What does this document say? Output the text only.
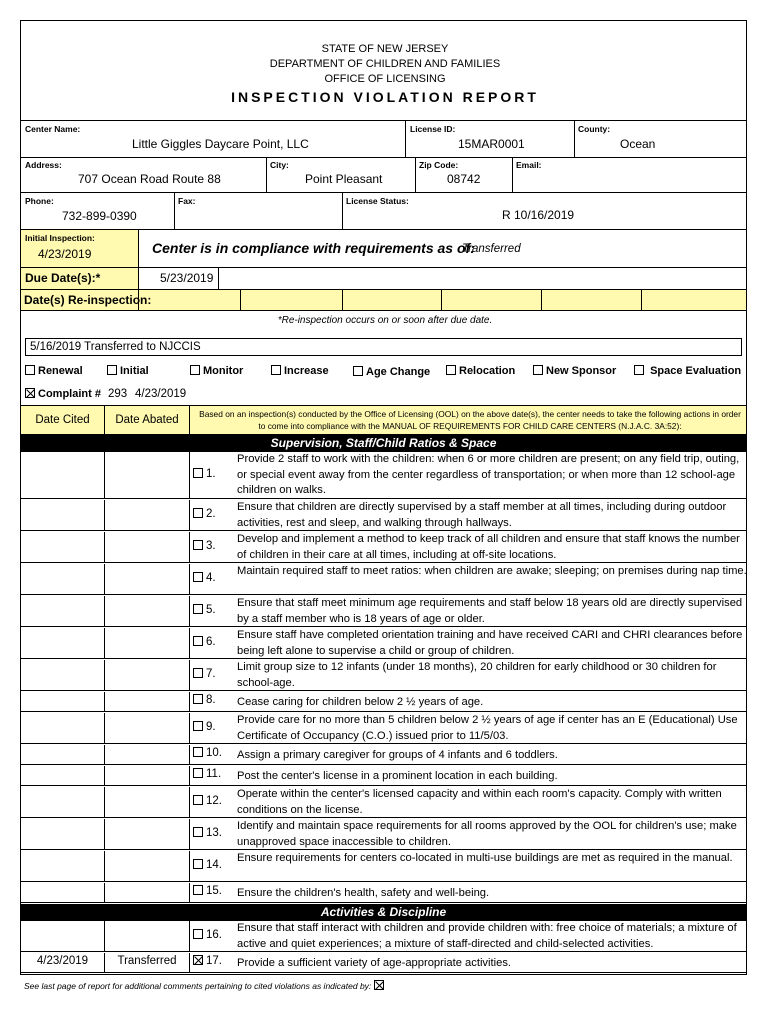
STATE OF NEW JERSEY
DEPARTMENT OF CHILDREN AND FAMILIES
OFFICE OF LICENSING
INSPECTION VIOLATION REPORT
Center Name:
Little Giggles Daycare Point, LLC
License ID:
15MAR0001
County:
Ocean
Address:
707 Ocean Road Route 88
City:
Point Pleasant
Zip Code:
08742
Email:
Phone:
732-899-0390
Fax:	License Status:
R 10/16/2019
Initial Inspection:
4/23/2019	Center is in compliance with requirements as of:
Transferred
Due Date(s):*	5/23/2019
Date(s) Re-inspection:
*Re-inspection occurs on or soon after due date.
5/16/2019 Transferred to NJCCIS
Renewal	Initial	Monitor	Increase	Age Change	Relocation	New Sponsor	Space Evaluation
Complaint # 293 4/23/2019
Date Cited	Date Abated	Based on an inspection(s) conducted by the Office of Licensing (OOL) on the above date(s), the center needs to take the following actions in order to come into compliance with the MANUAL OF REQUIREMENTS FOR CHILD CARE CENTERS (N.J.A.C. 3A:52):
Supervision, Staff/Child Ratios & Space
1.
Provide 2 staff to work with the children: when 6 or more children are present; on any field trip, outing, or special event away from the center regardless of transportation; or when more than 12 school-age children on walks.
2.
Ensure that children are directly supervised by a staff member at all times, including during outdoor activities, rest and sleep, and walking through hallways.
3.
Develop and implement a method to keep track of all children and ensure that staff knows the number of children in their care at all times, including at off-site locations.
4.
Maintain required staff to meet ratios: when children are awake; sleeping; on premises during nap time.
5.
Ensure that staff meet minimum age requirements and staff below 18 years old are directly supervised by a staff member who is 18 years of age or older.
6.
Ensure staff have completed orientation training and have received CARI and CHRI clearances before being left alone to supervise a child or group of children.
7.
Limit group size to 12 infants (under 18 months), 20 children for early childhood or 30 children for school-age.
8. Cease caring for children below 2 ½ years of age.
9.
Provide care for no more than 5 children below 2 ½ years of age if center has an E (Educational) Use Certificate of Occupancy (C.O.) issued prior to 11/5/03.
10. Assign a primary caregiver for groups of 4 infants and 6 toddlers.
11. Post the center's license in a prominent location in each building.
12.
Operate within the center's licensed capacity and within each room's capacity. Comply with written conditions on the license.
13.
Identify and maintain space requirements for all rooms approved by the OOL for children's use; make unapproved space inaccessible to children.
14.
Ensure requirements for centers co-located in multi-use buildings are met as required in the manual.
15. Ensure the children's health, safety and well-being.
Activities & Discipline
16.
Ensure that staff interact with children and provide children with: free choice of materials; a mixture of active and quiet experiences; a mixture of staff-directed and child-selected activities.
4/23/2019	Transferred	17. Provide a sufficient variety of age-appropriate activities.
See last page of report for additional comments pertaining to cited violations as indicated by:
